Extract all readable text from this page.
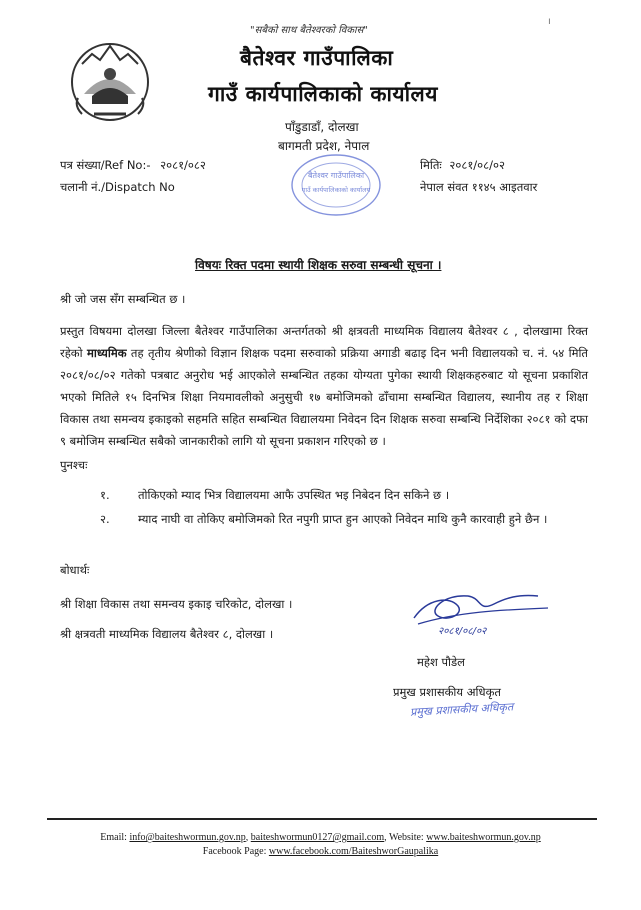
ı
"सबैको साथ बैतेश्वरको विकास"
बैतेश्वर गाउँपालिका
गाउँ कार्यपालिकाको कार्यालय
पाँडुडाडाँ, दोलखा
बागमती प्रदेश, नेपाल
पत्र संख्या/Ref No:- २०८१/०८२
चलानी नं./Dispatch No
मितिः २०८१/०८/०२
नेपाल संवत ११४५ आइतवार
बैतेश्वर गाउँपालिका
गाउँ कार्यपालिकाको कार्यालय
विषयः रिक्त पदमा स्थायी शिक्षक सरुवा सम्बन्धी सूचना ।
श्री जो जस सँग सम्बन्धित छ ।
प्रस्तुत विषयमा दोलखा जिल्ला बैतेश्वर गाउँपालिका अन्तर्गतको श्री क्षत्रवती माध्यमिक विद्यालय बैतेश्वर ८ , दोलखामा रिक्त रहेको माध्यमिक तह तृतीय श्रेणीको विज्ञान शिक्षक पदमा सरुवाको प्रक्रिया अगाडी बढाइ दिन भनी विद्यालयको च. नं. ५४ मिति २०८१/०८/०२ गतेको पत्रबाट अनुरोध भई आएकोले सम्बन्धित तहका योग्यता पुगेका स्थायी शिक्षकहरुबाट यो सूचना प्रकाशित भएको मितिले १५ दिनभित्र शिक्षा नियमावलीको अनुसुची १७ बमोजिमको ढाँचामा सम्बन्धित विद्यालय, स्थानीय तह र शिक्षा विकास तथा समन्वय इकाइको सहमति सहित सम्बन्धित विद्यालयमा निवेदन दिन शिक्षक सरुवा सम्बन्धि निर्देशिका २०८१ को दफा ९ बमोजिम सम्बन्धित सबैको जानकारीको लागि यो सूचना प्रकाशन गरिएको छ ।
पुनश्चः
१. तोकिएको म्याद भित्र विद्यालयमा आफै उपस्थित भइ निबेदन दिन सकिने छ ।
२. म्याद नाघी वा तोकिए बमोजिमको रित नपुगी प्राप्त हुन आएको निवेदन माथि कुनै कारवाही हुने छैन ।
बोधार्थः
श्री शिक्षा विकास तथा समन्वय इकाइ चरिकोट, दोलखा ।
श्री क्षत्रवती माध्यमिक विद्यालय बैतेश्वर ८, दोलखा ।	२०८१/०८/०२
महेश पौडेल
प्रमुख प्रशासकीय अधिकृत
प्रमुख प्रशासकीय अधिकृत
Email: info@baiteshwormun.gov.np, baiteshwormun0127@gmail.com, Website: www.baiteshwormun.gov.np
Facebook Page: www.facebook.com/BaiteshworGaupalika
